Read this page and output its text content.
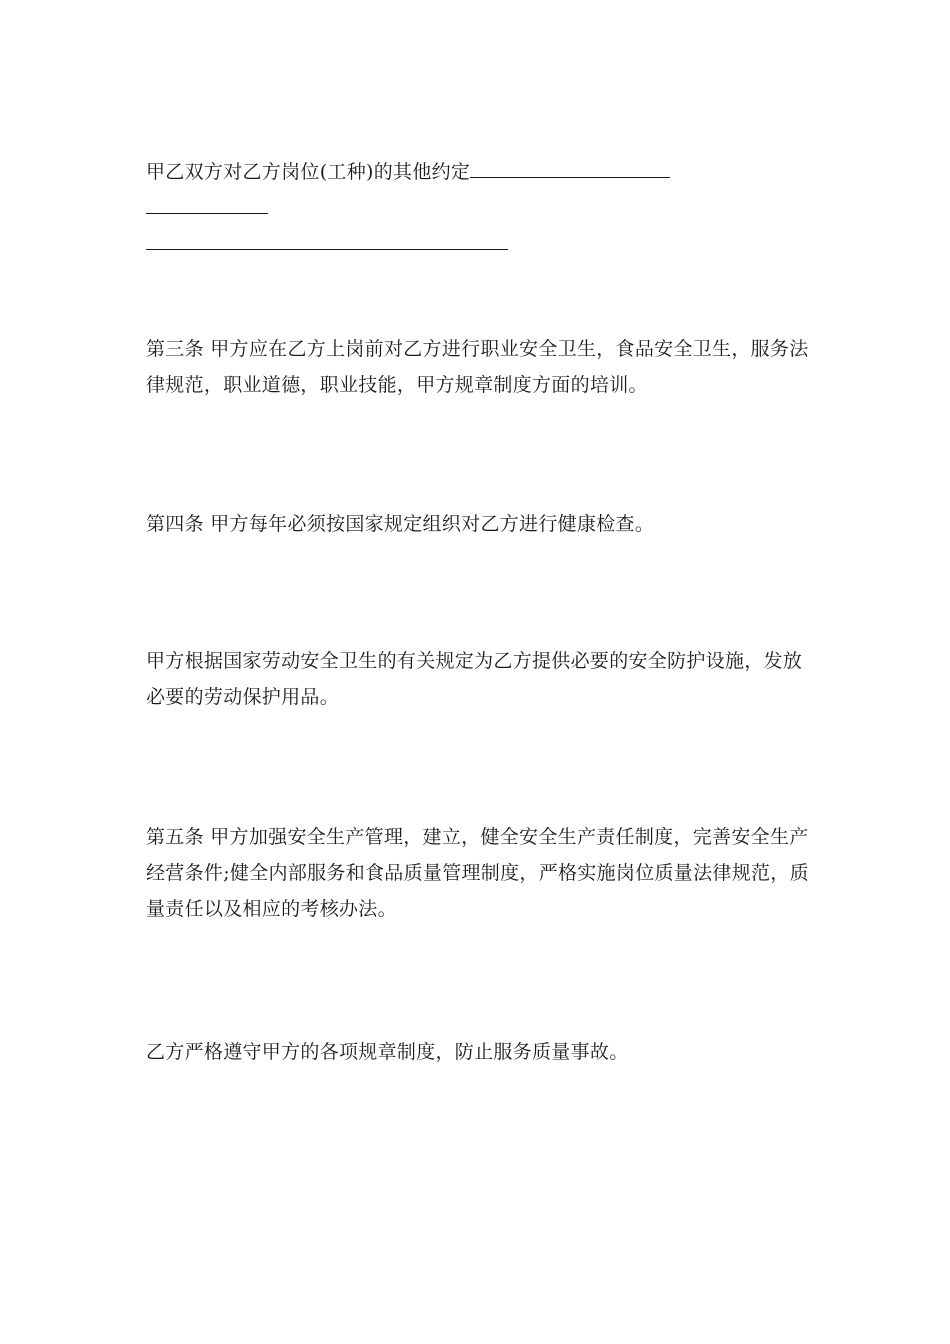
甲乙双方对乙方岗位(工种)的其他约定

第三条 甲方应在乙方上岗前对乙方进行职业安全卫生，食品安全卫生，服务法律规范，职业道德，职业技能，甲方规章制度方面的培训。

第四条 甲方每年必须按国家规定组织对乙方进行健康检查。

甲方根据国家劳动安全卫生的有关规定为乙方提供必要的安全防护设施，发放必要的劳动保护用品。

第五条 甲方加强安全生产管理，建立，健全安全生产责任制度，完善安全生产经营条件;健全内部服务和食品质量管理制度，严格实施岗位质量法律规范，质量责任以及相应的考核办法。

乙方严格遵守甲方的各项规章制度，防止服务质量事故。
